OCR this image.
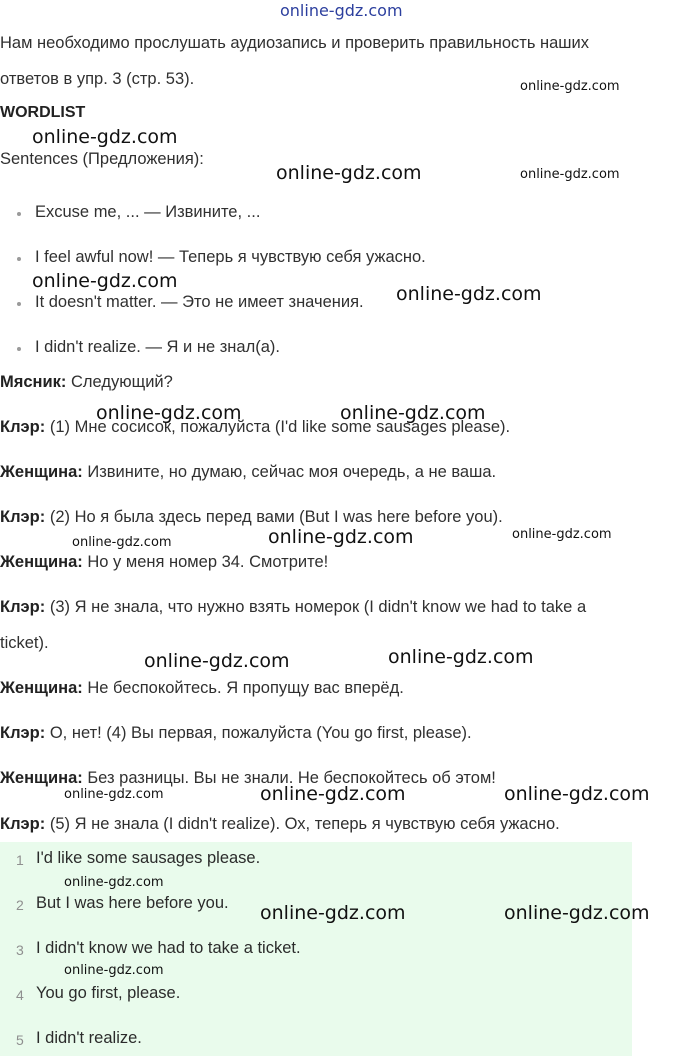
Нам необходимо прослушать аудиозапись и проверить правильность наших
ответов в упр. 3 (стр. 53).
WORDLIST
Sentences (Предложения):
Excuse me, ... — Извините, ...
I feel awful now! — Теперь я чувствую себя ужасно.
It doesn't matter. — Это не имеет значения.
I didn't realize. — Я и не знал(а).
Мясник: Следующий?
Клэр: (1) Мне сосисок, пожалуйста (I'd like some sausages please).
Женщина: Извините, но думаю, сейчас моя очередь, а не ваша.
Клэр: (2) Но я была здесь перед вами (But I was here before you).
Женщина: Но у меня номер 34. Смотрите!
Клэр: (3) Я не знала, что нужно взять номерок (I didn't know we had to take a
ticket).
Женщина: Не беспокойтесь. Я пропущу вас вперёд.
Клэр: О, нет! (4) Вы первая, пожалуйста (You go first, please).
Женщина: Без разницы. Вы не знали. Не беспокойтесь об этом!
Клэр: (5) Я не знала (I didn't realize). Ох, теперь я чувствую себя ужасно.
1 I'd like some sausages please.
2 But I was here before you.
3 I didn't know we had to take a ticket.
4 You go first, please.
5 I didn't realize.
online-gdz.com
online-gdz.com
online-gdz.com
online-gdz.com	online-gdz.com
online-gdz.com
online-gdz.com
online-gdz.com	online-gdz.com
online-gdz.com	online-gdz.com
online-gdz.com
online-gdz.com	online-gdz.com
online-gdz.com	online-gdz.com	online-gdz.com
online-gdz.com
online-gdz.com	online-gdz.com
online-gdz.com
